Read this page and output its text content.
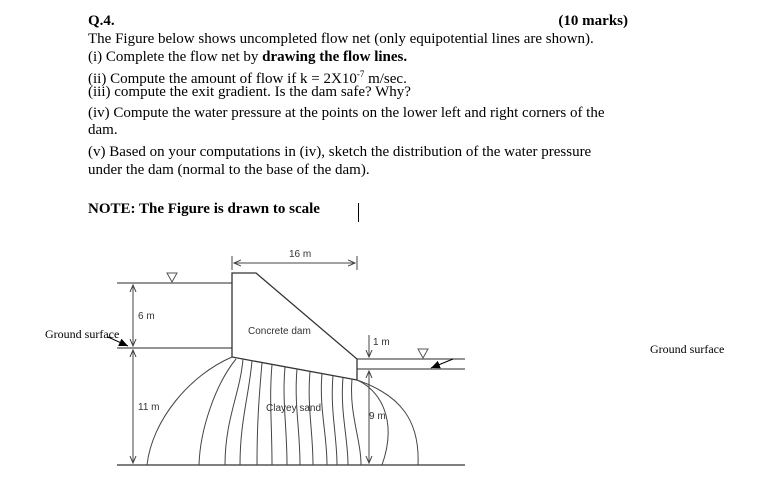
Q.4.	(10 marks)
The Figure below shows uncompleted flow net (only equipotential lines are shown).
(i) Complete the flow net by drawing the flow lines.
(ii) Compute the amount of flow if $k = 2X10^{-7}$ m/sec.
(iii) compute the exit gradient. Is the dam safe? Why?
(iv) Compute the water pressure at the points on the lower left and right corners of the
dam.
(v) Based on your computations in (iv), sketch the distribution of the water pressure
under the dam (normal to the base of the dam).
NOTE: The Figure is drawn to scale
16 m
6 m
11 m
1 m
9 m
Concrete dam
Clayey sand
Ground surface
Ground surface
